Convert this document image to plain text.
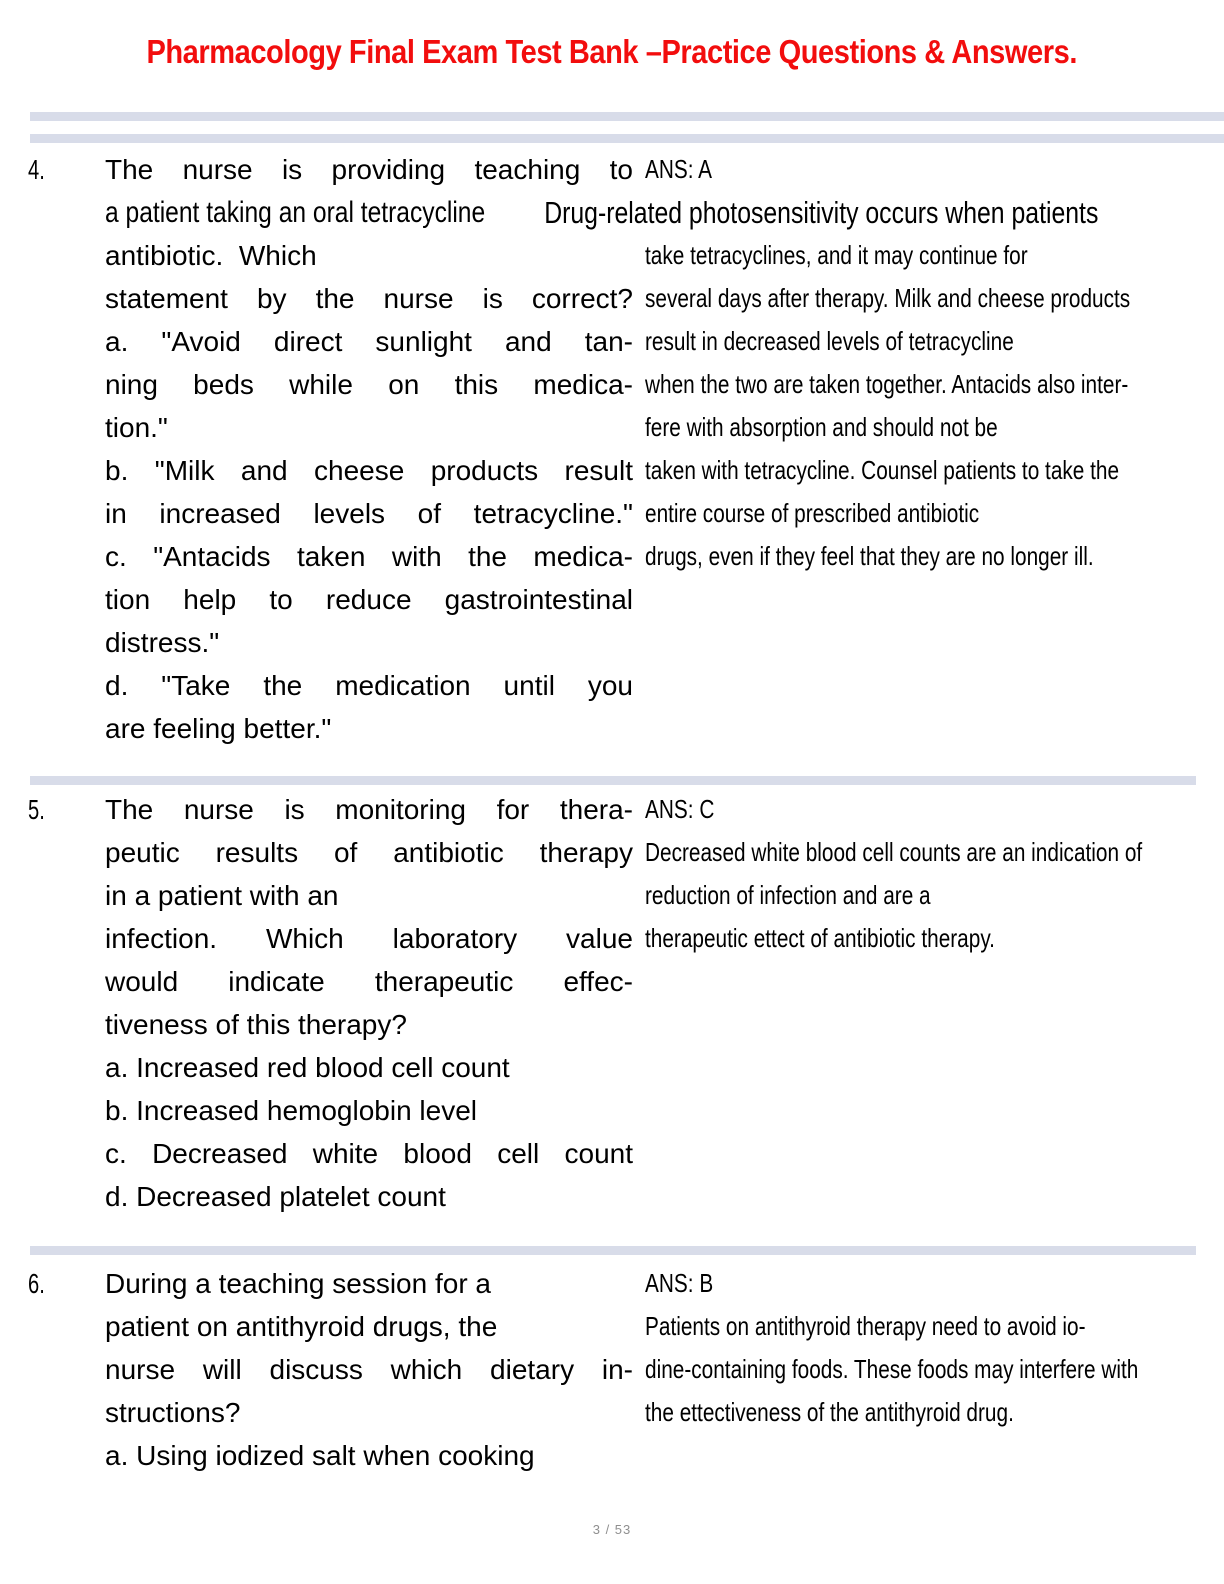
Pharmacology Final Exam Test Bank –Practice Questions & Answers.
4. The nurse is providing teaching to
a patient taking an oral tetracycline
antibiotic.  Which
statement by the nurse is correct?
a. "Avoid direct sunlight and tan-
ning beds while on this medica-
tion."
b. "Milk and cheese products result
in increased levels of tetracycline."
c. "Antacids taken with the medica-
tion help to reduce gastrointestinal
distress."
d. "Take the medication until you
are feeling better."
ANS: A
Drug-related photosensitivity occurs when patients
take tetracyclines, and it may continue for
several days after therapy. Milk and cheese products
result in decreased levels of tetracycline
when the two are taken together. Antacids also inter-
fere with absorption and should not be
taken with tetracycline. Counsel patients to take the
entire course of prescribed antibiotic
drugs, even if they feel that they are no longer ill.
5. The nurse is monitoring for thera-
peutic results of antibiotic therapy
in a patient with an
infection. Which laboratory value
would indicate therapeutic effec-
tiveness of this therapy?
a. Increased red blood cell count
b. Increased hemoglobin level
c. Decreased white blood cell count
d. Decreased platelet count
ANS: C
Decreased white blood cell counts are an indication of
reduction of infection and are a
therapeutic ettect of antibiotic therapy.
6. During a teaching session for a
patient on antithyroid drugs, the
nurse will discuss which dietary in-
structions?
a. Using iodized salt when cooking
ANS: B
Patients on antithyroid therapy need to avoid io-
dine-containing foods. These foods may interfere with
the ettectiveness of the antithyroid drug.
3 / 53
